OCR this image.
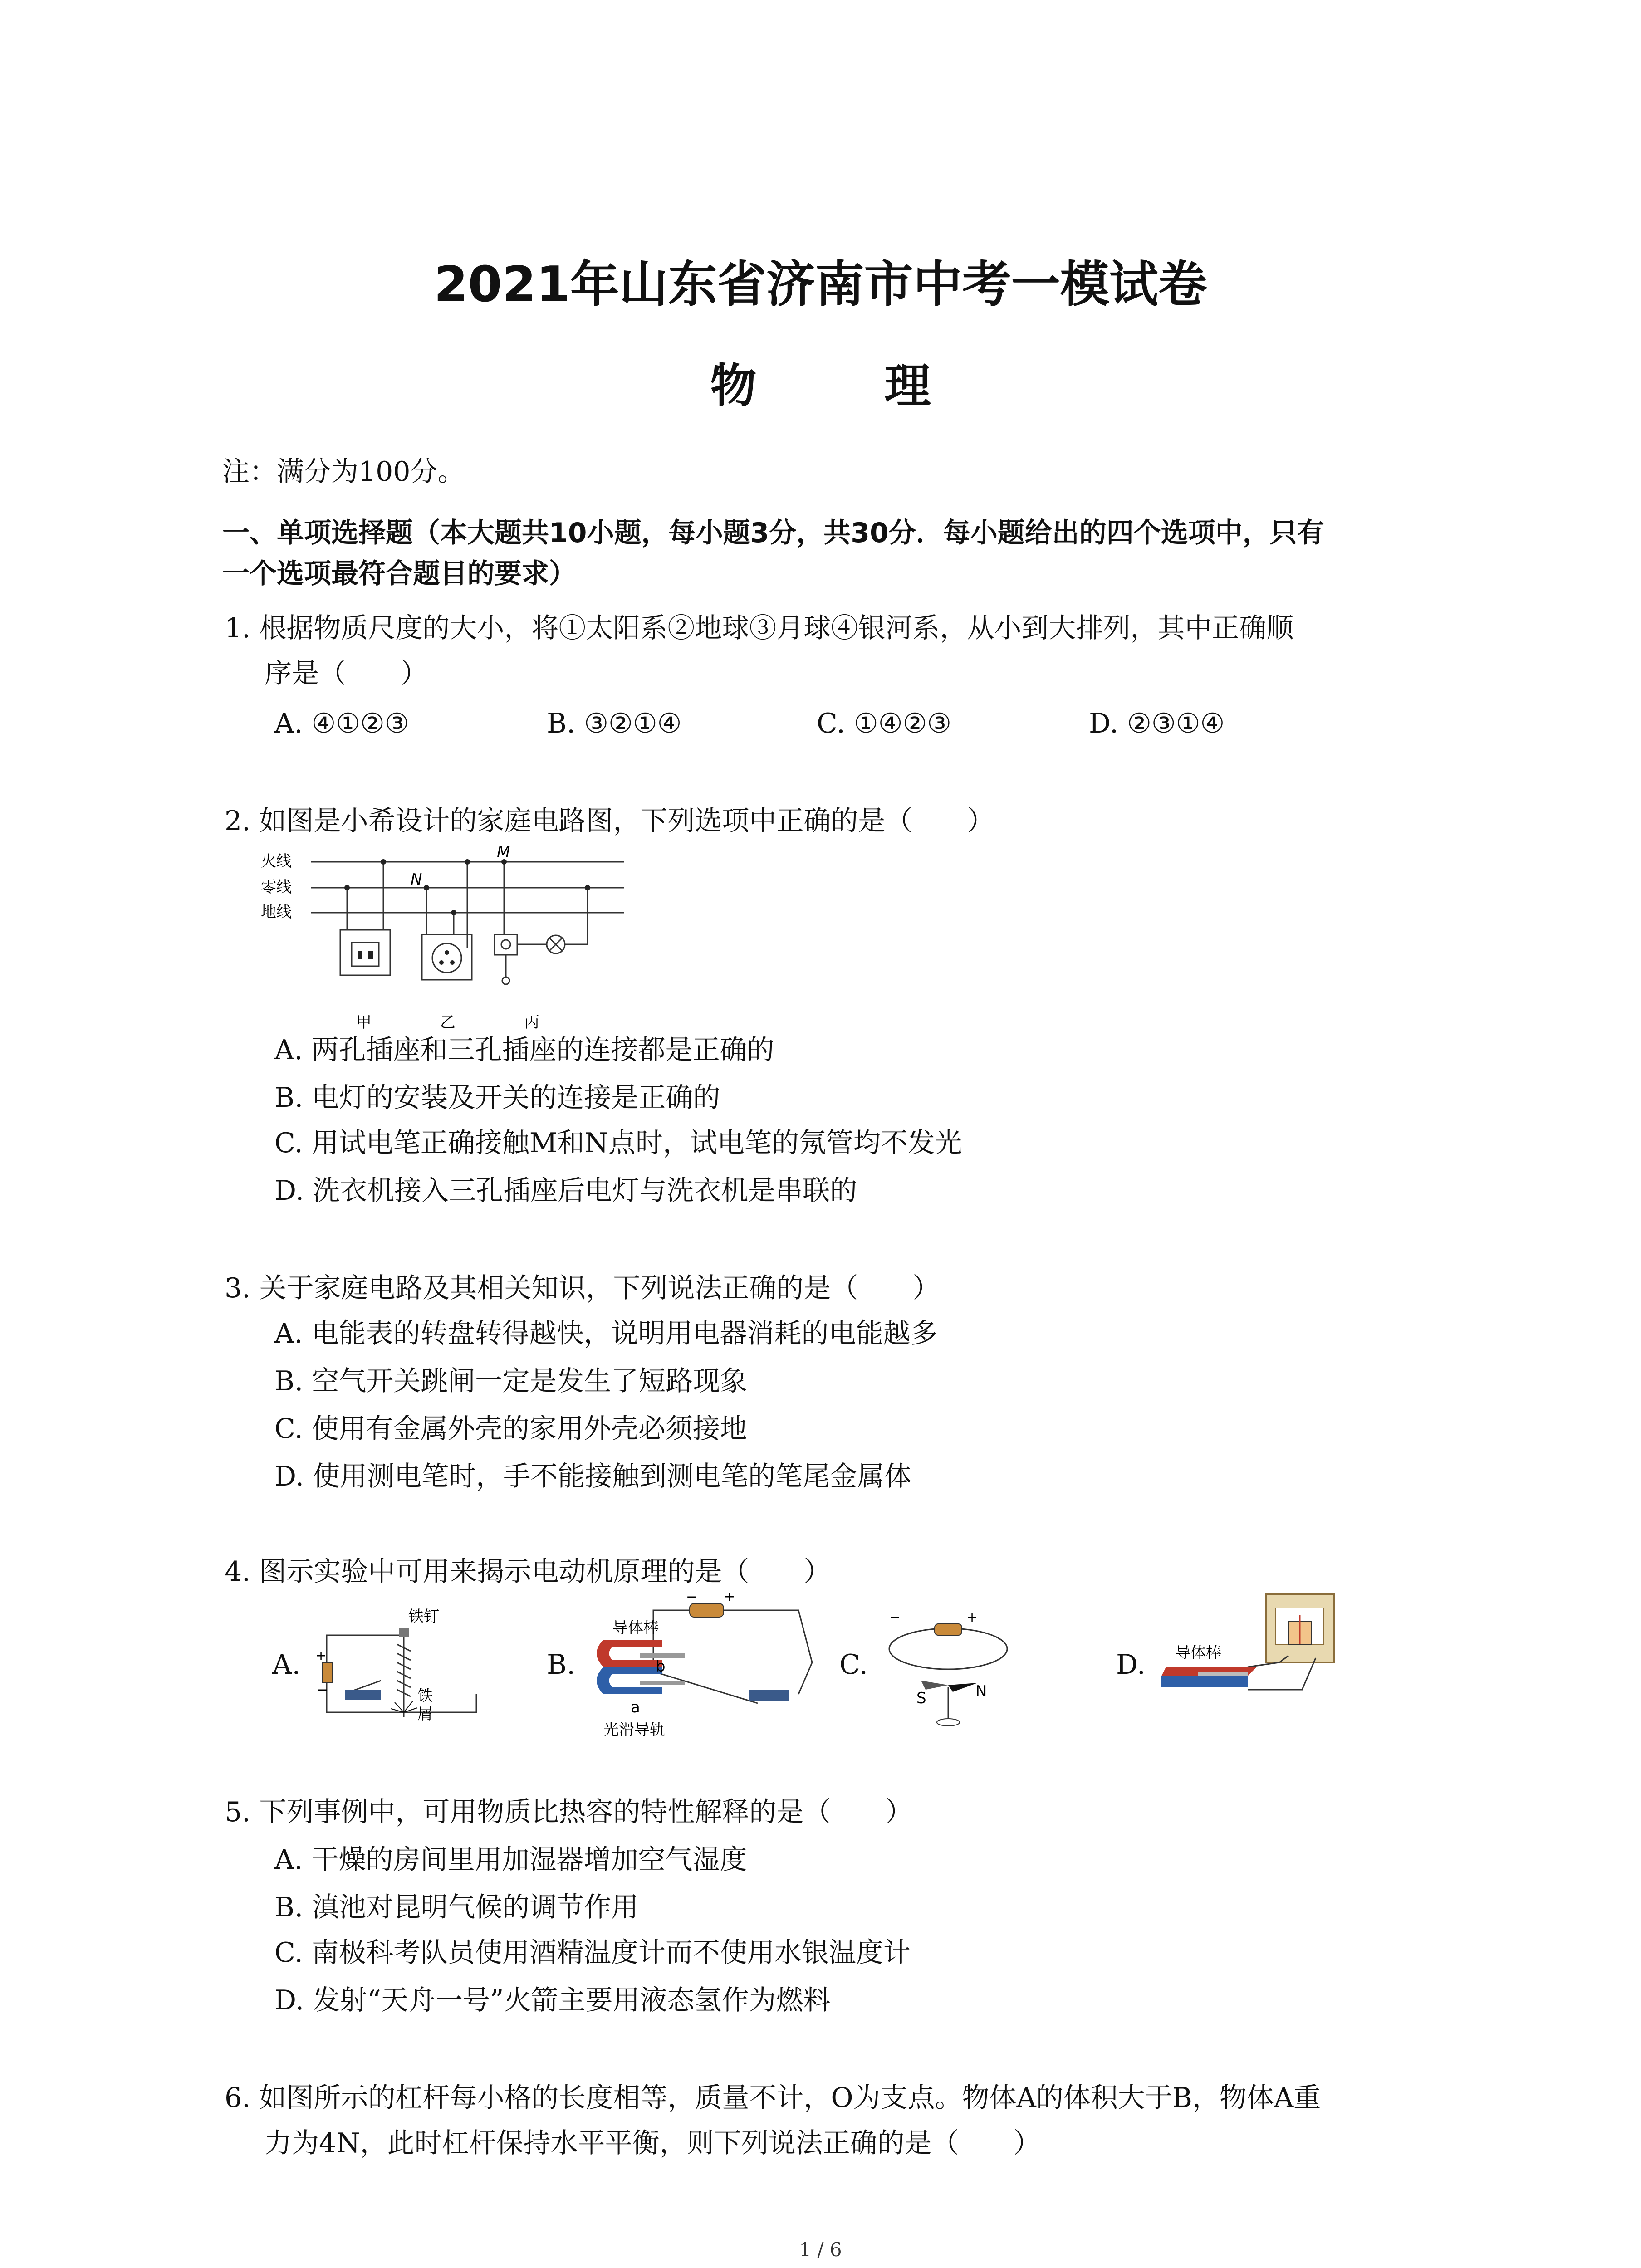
2021年山东省济南市中考一模试卷
物　理
注：满分为100分。
一、单项选择题（本大题共10小题，每小题3分，共30分．每小题给出的四个选项中，只有
一个选项最符合题目的要求）
1. 根据物质尺度的大小，将①太阳系②地球③月球④银河系，从小到大排列，其中正确顺
序是（　　）
A. ④①②③	B. ③②①④	C. ①④②③	D. ②③①④
2. 如图是小希设计的家庭电路图，下列选项中正确的是（　　）
火线
零线
地线
N
M
甲	乙	丙
A. 两孔插座和三孔插座的连接都是正确的
B. 电灯的安装及开关的连接是正确的
C. 用试电笔正确接触M和N点时，试电笔的氖管均不发光
D. 洗衣机接入三孔插座后电灯与洗衣机是串联的
3. 关于家庭电路及其相关知识，下列说法正确的是（　　）
A. 电能表的转盘转得越快，说明用电器消耗的电能越多
B. 空气开关跳闸一定是发生了短路现象
C. 使用有金属外壳的家用外壳必须接地
D. 使用测电笔时，手不能接触到测电笔的笔尾金属体
4. 图示实验中可用来揭示电动机原理的是（　　）
A. +
−
铁钉
铁
屑
B.
− +
导体棒
b
a
光滑导轨
C.
−	+
S	N
D. 导体棒
5. 下列事例中，可用物质比热容的特性解释的是（　　）
A. 干燥的房间里用加湿器增加空气湿度
B. 滇池对昆明气候的调节作用
C. 南极科考队员使用酒精温度计而不使用水银温度计
D. 发射“天舟一号”火箭主要用液态氢作为燃料
6. 如图所示的杠杆每小格的长度相等，质量不计，O为支点。物体A的体积大于B，物体A重
力为4N，此时杠杆保持水平平衡，则下列说法正确的是（　　）
1 / 6
